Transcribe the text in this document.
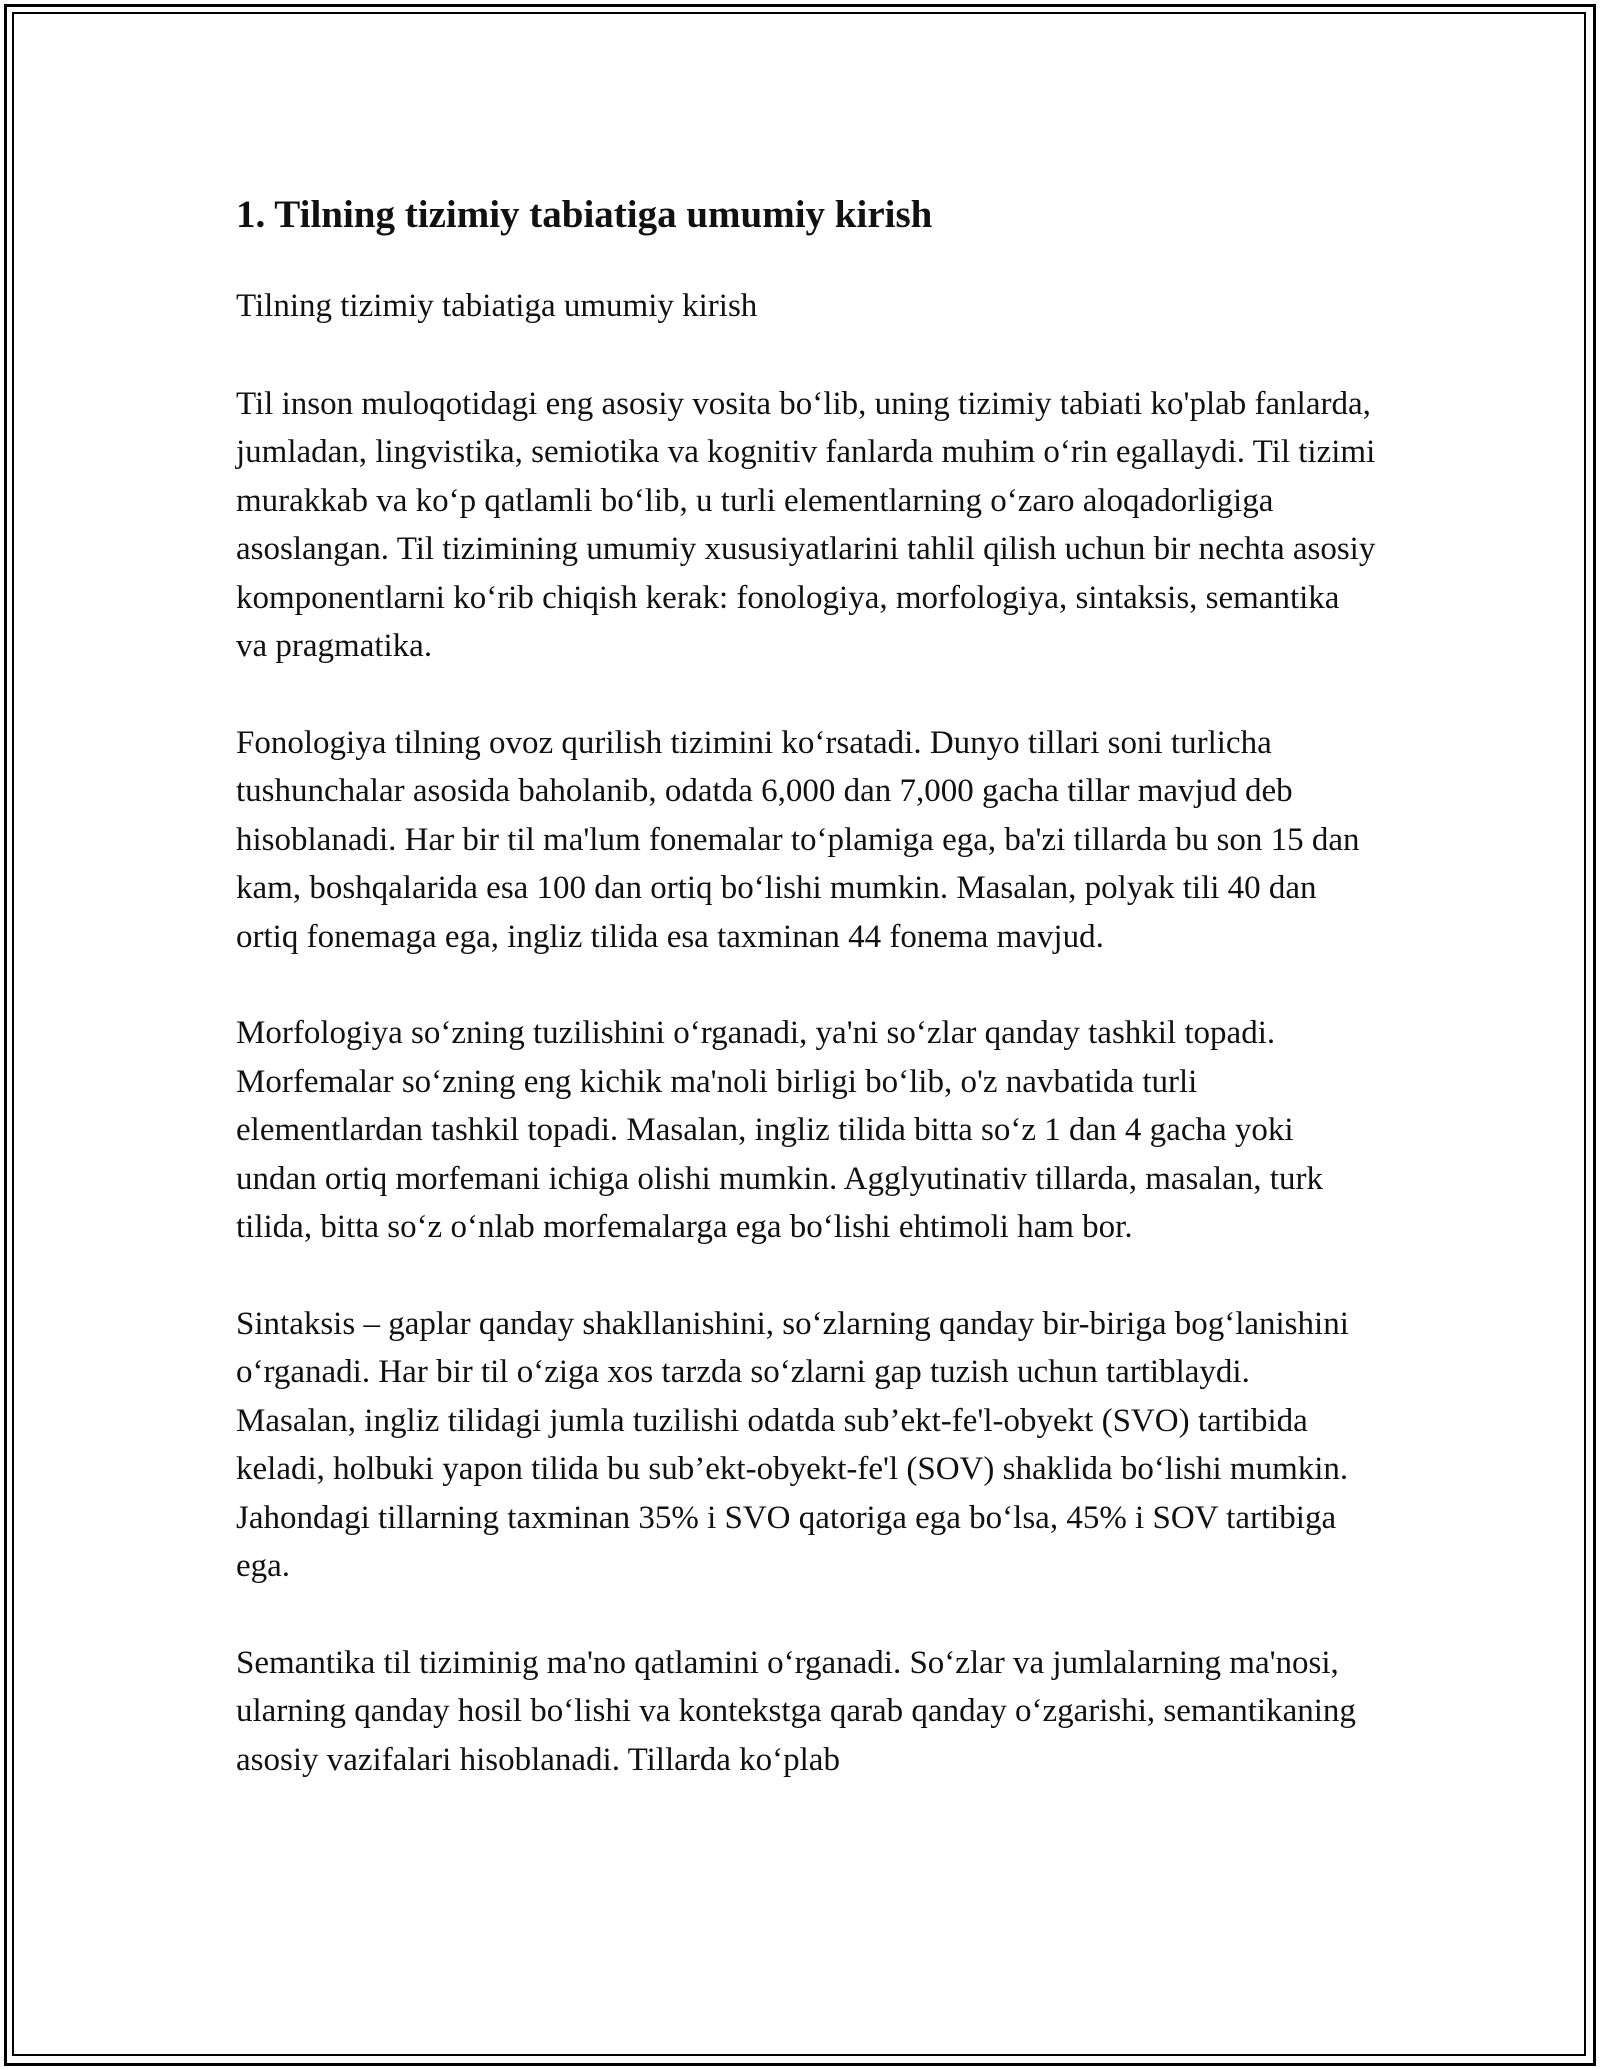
1. Tilning tizimiy tabiatiga umumiy kirish

Tilning tizimiy tabiatiga umumiy kirish

Til inson muloqotidagi eng asosiy vosita bo‘lib, uning tizimiy tabiati ko'plab fanlarda, jumladan, lingvistika, semiotika va kognitiv fanlarda muhim o‘rin egallaydi. Til tizimi murakkab va ko‘p qatlamli bo‘lib, u turli elementlarning o‘zaro aloqadorligiga asoslangan. Til tizimining umumiy xususiyatlarini tahlil qilish uchun bir nechta asosiy komponentlarni ko‘rib chiqish kerak: fonologiya, morfologiya, sintaksis, semantika va pragmatika.

Fonologiya tilning ovoz qurilish tizimini ko‘rsatadi. Dunyo tillari soni turlicha tushunchalar asosida baholanib, odatda 6,000 dan 7,000 gacha tillar mavjud deb hisoblanadi. Har bir til ma'lum fonemalar to‘plamiga ega, ba'zi tillarda bu son 15 dan kam, boshqalarida esa 100 dan ortiq bo‘lishi mumkin. Masalan, polyak tili 40 dan ortiq fonemaga ega, ingliz tilida esa taxminan 44 fonema mavjud.

Morfologiya so‘zning tuzilishini o‘rganadi, ya'ni so‘zlar qanday tashkil topadi. Morfemalar so‘zning eng kichik ma'noli birligi bo‘lib, o'z navbatida turli elementlardan tashkil topadi. Masalan, ingliz tilida bitta so‘z 1 dan 4 gacha yoki undan ortiq morfemani ichiga olishi mumkin. Agglyutinativ tillarda, masalan, turk tilida, bitta so‘z o‘nlab morfemalarga ega bo‘lishi ehtimoli ham bor.

Sintaksis – gaplar qanday shakllanishini, so‘zlarning qanday bir-biriga bog‘lanishini o‘rganadi. Har bir til o‘ziga xos tarzda so‘zlarni gap tuzish uchun tartiblaydi. Masalan, ingliz tilidagi jumla tuzilishi odatda sub’ekt-fe'l-obyekt (SVO) tartibida keladi, holbuki yapon tilida bu sub’ekt-obyekt-fe'l (SOV) shaklida bo‘lishi mumkin. Jahondagi tillarning taxminan 35% i SVO qatoriga ega bo‘lsa, 45% i SOV tartibiga ega.

Semantika til tiziminig ma'no qatlamini o‘rganadi. So‘zlar va jumlalarning ma'nosi, ularning qanday hosil bo‘lishi va kontekstga qarab qanday o‘zgarishi, semantikaning asosiy vazifalari hisoblanadi. Tillarda ko‘plab
